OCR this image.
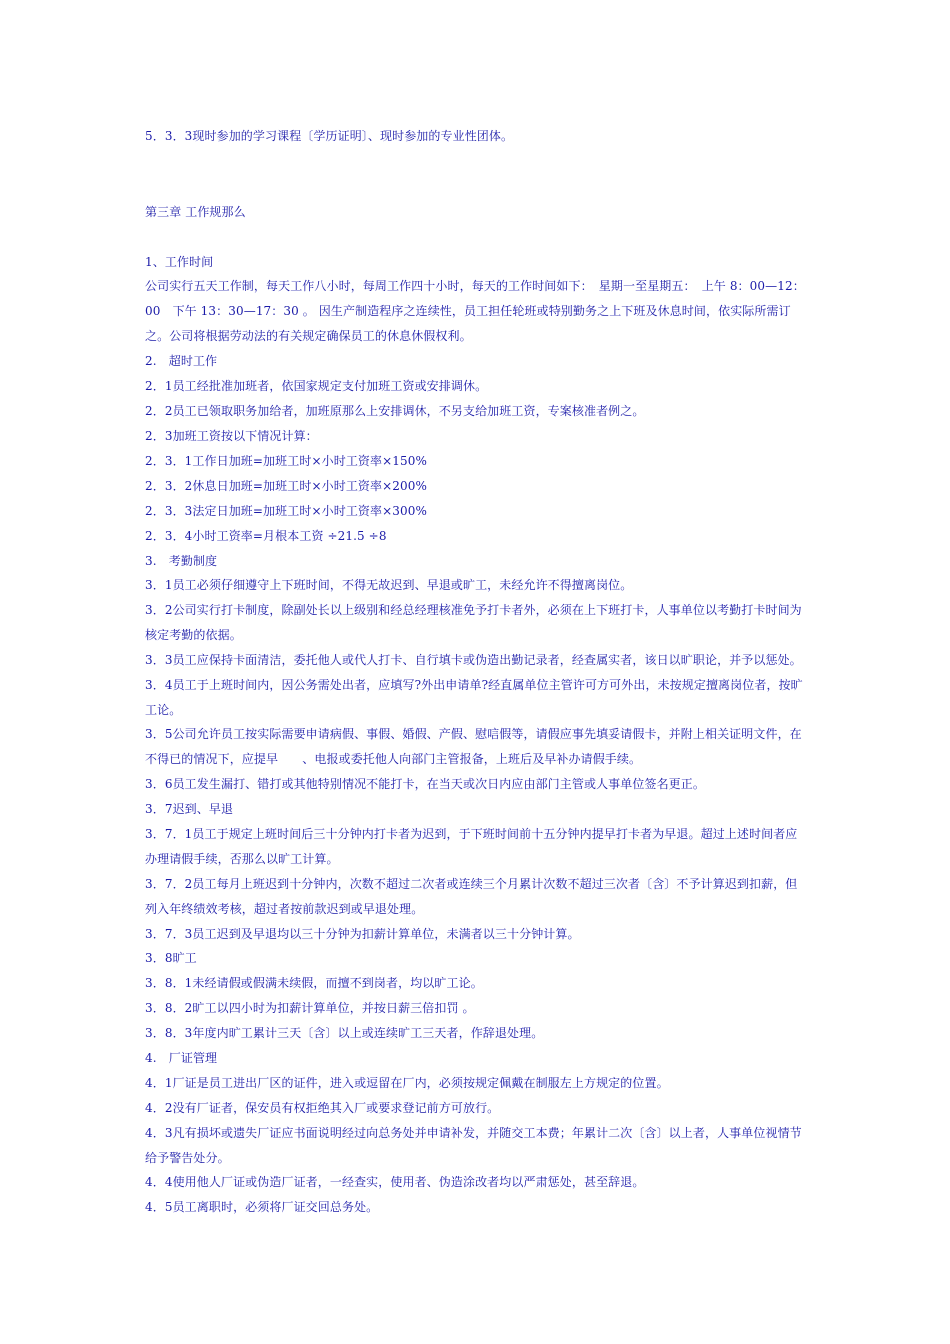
5．3．3现时参加的学习课程〔学历证明〕、现时参加的专业性团体。

第三章 工作规那么

1、工作时间

公司实行五天工作制，每天工作八小时，每周工作四十小时，每天的工作时间如下：　星期一至星期五：　上午 8：00—12：00　下午 13：30—17：30 。 因生产制造程序之连续性，员工担任轮班或特别勤务之上下班及休息时间，依实际所需订之。公司将根据劳动法的有关规定确保员工的休息休假权利。

2.　超时工作

2．1员工经批准加班者，依国家规定支付加班工资或安排调休。

2．2员工已领取职务加给者，加班原那么上安排调休，不另支给加班工资，专案核准者例之。

2．3加班工资按以下情况计算：

2．3．1工作日加班=加班工时×小时工资率×150%

2．3．2休息日加班=加班工时×小时工资率×200%

2．3．3法定日加班=加班工时×小时工资率×300%

2．3．4小时工资率=月根本工资 ÷21.5 ÷8

3.　考勤制度

3．1员工必须仔细遵守上下班时间，不得无故迟到、早退或旷工，未经允许不得擅离岗位。

3．2公司实行打卡制度，除副处长以上级别和经总经理核准免予打卡者外，必须在上下班打卡，人事单位以考勤打卡时间为核定考勤的依据。

3．3员工应保持卡面清洁，委托他人或代人打卡、自行填卡或伪造出勤记录者，经查属实者，该日以旷职论，并予以惩处。

3．4员工于上班时间内，因公务需处出者，应填写?外出申请单?经直属单位主管许可方可外出，未按规定擅离岗位者，按旷工论。

3．5公司允许员工按实际需要申请病假、事假、婚假、产假、慰唁假等，请假应事先填妥请假卡，并附上相关证明文件，在不得已的情况下，应提早　　、电报或委托他人向部门主管报备，上班后及早补办请假手续。

3．6员工发生漏打、错打或其他特别情况不能打卡，在当天或次日内应由部门主管或人事单位签名更正。

3．7迟到、早退

3．7．1员工于规定上班时间后三十分钟内打卡者为迟到，于下班时间前十五分钟内提早打卡者为早退。超过上述时间者应办理请假手续，否那么以旷工计算。

3．7．2员工每月上班迟到十分钟内，次数不超过二次者或连续三个月累计次数不超过三次者〔含〕不予计算迟到扣薪，但列入年终绩效考核，超过者按前款迟到或早退处理。

3．7．3员工迟到及早退均以三十分钟为扣薪计算单位，未满者以三十分钟计算。

3．8旷工

3．8．1未经请假或假满未续假，而擅不到岗者，均以旷工论。

3．8．2旷工以四小时为扣薪计算单位，并按日薪三倍扣罚 。

3．8．3年度内旷工累计三天〔含〕以上或连续旷工三天者，作辞退处理。

4.　厂证管理

4．1厂证是员工进出厂区的证件，进入或逗留在厂内，必须按规定佩戴在制服左上方规定的位置。

4．2没有厂证者，保安员有权拒绝其入厂或要求登记前方可放行。

4．3凡有损坏或遗失厂证应书面说明经过向总务处并申请补发，并随交工本费；年累计二次〔含〕以上者，人事单位视情节给予警告处分。

4．4使用他人厂证或伪造厂证者，一经查实，使用者、伪造涂改者均以严肃惩处，甚至辞退。

4．5员工离职时，必须将厂证交回总务处。
